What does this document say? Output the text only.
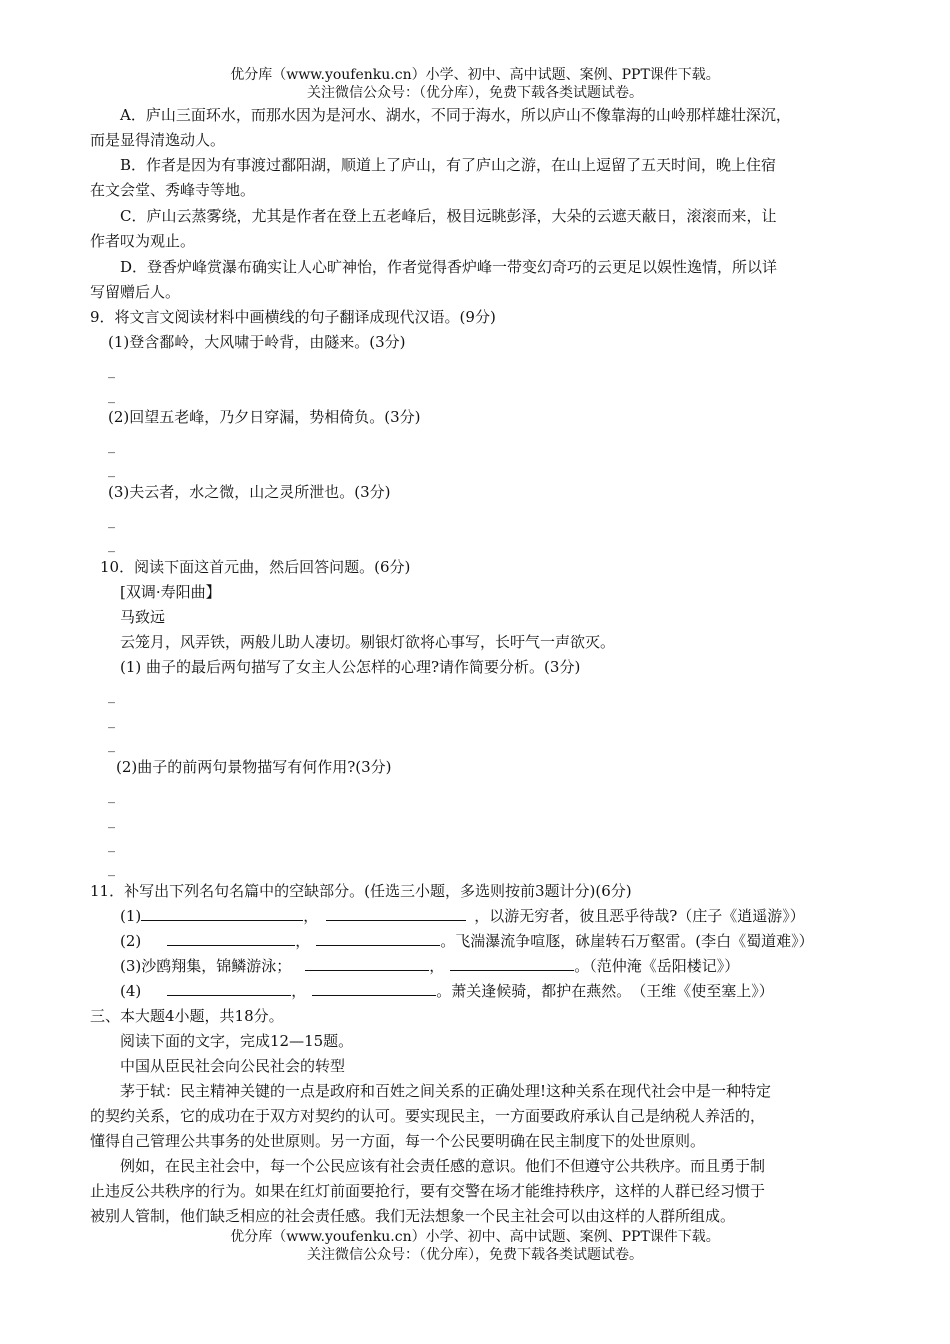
优分库（www.youfenku.cn）小学、初中、高中试题、案例、PPT课件下载。
关注微信公众号：（优分库），免费下载各类试题试卷。
A．庐山三面环水，而那水因为是河水、湖水，不同于海水，所以庐山不像靠海的山岭那样雄壮深沉，
而是显得清逸动人。
B．作者是因为有事渡过鄱阳湖，顺道上了庐山，有了庐山之游，在山上逗留了五天时间，晚上住宿
在文会堂、秀峰寺等地。
C．庐山云蒸雾绕，尤其是作者在登上五老峰后，极目远眺彭泽，大朵的云遮天蔽日，滚滚而来，让
作者叹为观止。
D．登香炉峰赏瀑布确实让人心旷神怡，作者觉得香炉峰一带变幻奇巧的云更足以娱性逸情，所以详
写留赠后人。
9．将文言文阅读材料中画横线的句子翻译成现代汉语。(9分)
(1)登含鄱岭，大风啸于岭背，由隧来。(3分)
_
_
(2)回望五老峰，乃夕日穿漏，势相倚负。(3分)
_
_
(3)夫云者，水之微，山之灵所泄也。(3分)
_
_
10．阅读下面这首元曲，然后回答问题。(6分)
[双调·寿阳曲】
马致远
云笼月，风弄铁，两般儿助人凄切。剔银灯欲将心事写，长吁气一声欲灭。
(1) 曲子的最后两句描写了女主人公怎样的心理?请作简要分析。(3分)
_
_
_
(2)曲子的前两句景物描写有何作用?(3分)
_
_
_
_
11．补写出下列名句名篇中的空缺部分。(任选三小题，多选则按前3题计分)(6分)
(1)	，	，以游无穷者，彼且恶乎待哉?（庄子《逍遥游》）
(2)	，	。飞湍瀑流争喧豗，砯崖转石万壑雷。(李白《蜀道难》）
(3)沙鸥翔集，锦鳞游泳；	，	。（范仲淹《岳阳楼记》）
(4)	，	。萧关逢候骑，都护在燕然。　（王维《使至塞上》）
三、本大题4小题，共18分。
阅读下面的文字，完成12—15题。
中国从臣民社会向公民社会的转型
茅于轼：民主精神关键的一点是政府和百姓之间关系的正确处理!这种关系在现代社会中是一种特定
的契约关系，它的成功在于双方对契约的认可。要实现民主，一方面要政府承认自己是纳税人养活的，
懂得自己管理公共事务的处世原则。另一方面，每一个公民要明确在民主制度下的处世原则。
例如，在民主社会中，每一个公民应该有社会责任感的意识。他们不但遵守公共秩序。而且勇于制
止违反公共秩序的行为。如果在红灯前面要抢行，要有交警在场才能维持秩序，这样的人群已经习惯于
被别人管制，他们缺乏相应的社会责任感。我们无法想象一个民主社会可以由这样的人群所组成。
优分库（www.youfenku.cn）小学、初中、高中试题、案例、PPT课件下载。
关注微信公众号：（优分库），免费下载各类试题试卷。
